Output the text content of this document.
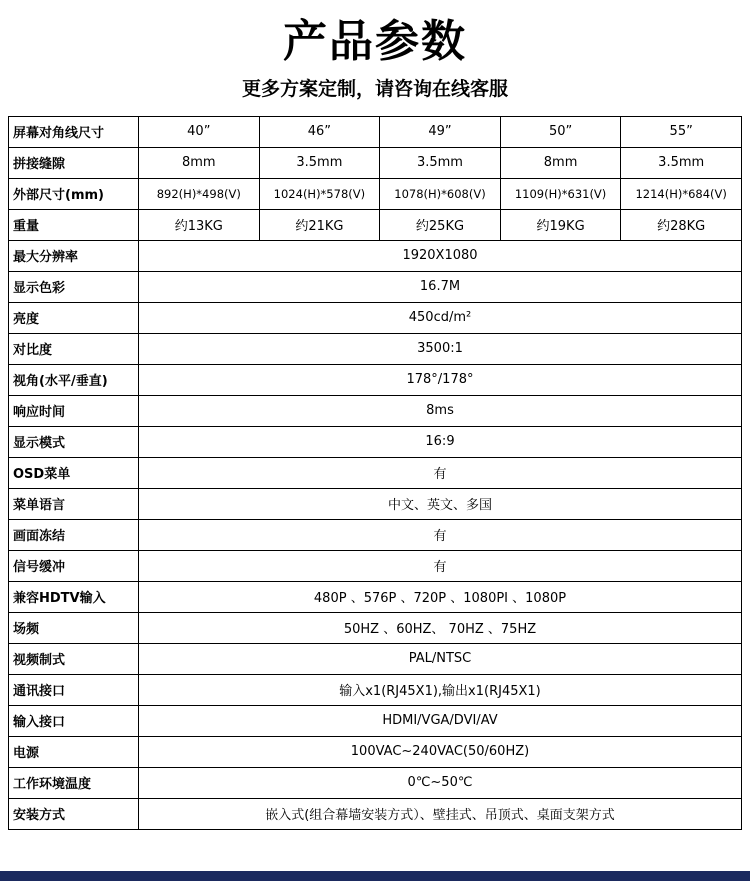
产品参数
更多方案定制，请咨询在线客服
屏幕对角线尺寸	40”	46”	49”	50”	55”
拼接缝隙	8mm	3.5mm	3.5mm	8mm	3.5mm
外部尺寸(mm)	892(H)*498(V)	1024(H)*578(V)	1078(H)*608(V)	1109(H)*631(V)	1214(H)*684(V)
重量	约13KG	约21KG	约25KG	约19KG	约28KG
最大分辨率	1920X1080				
显示色彩	16.7M				
亮度	450cd/m²				
对比度	3500:1				
视角(水平/垂直)	178°/178°				
响应时间	8ms				
显示模式	16:9				
OSD菜单	有				
菜单语言	中文、英文、多国				
画面冻结	有				
信号缓冲	有				
兼容HDTV输入	480P 、576P 、720P 、1080PI 、1080P				
场频	50HZ 、60HZ、 70HZ 、75HZ				
视频制式	PAL/NTSC				
通讯接口	输入x1(RJ45X1),输出x1(RJ45X1)				
输入接口	HDMI/VGA/DVI/AV				
电源	100VAC~240VAC(50/60HZ)				
工作环境温度	0℃~50℃				
安装方式	嵌入式(组合幕墙安装方式）、壁挂式、吊顶式、桌面支架方式				
